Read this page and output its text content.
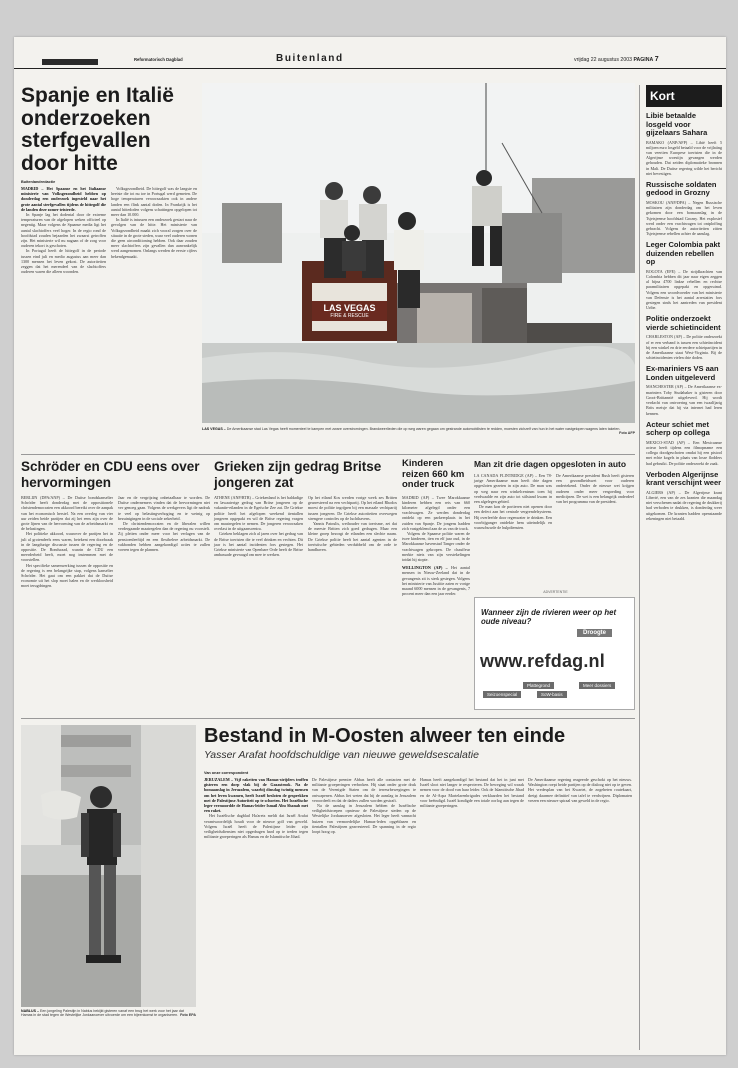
Reformatorisch Dagblad	Buitenland	vrijdag 22 augustus 2003 PAGINA 7
Spanje en Italië onderzoeken sterfgevallen door hitte
Buitenlandredactie

MADRID – Het Spaanse en het Italiaanse ministerie van Volksgezondheid hebben op donderdag een onderzoek ingesteld naar het grote aantal sterfgevallen tijdens de hittegolf die de landen deze zomer teisterde.

In Spanje lag het dodental door de extreme temperaturen van de afgelopen weken officieel op negentig. Maar volgens de Spaanse media ligt het aantal slachtoffers veel hoger. In de regio rond de hoofdstad zouden bejaarden het zwaarst getroffen zijn. Het ministerie wil nu nagaan of de zorg voor ouderen tekort is geschoten.

In Portugal heeft de hittegolf in de periode tussen eind juli en medio augustus aan meer dan 1300 mensen het leven gekost. De autoriteiten zeggen dat het merendeel van de slachtoffers ouderen waren die alleen woonden.

Volksgezondheid. De hittegolf was de langste en heetste die tot nu toe in Portugal werd gemeten. De hoge temperaturen veroorzaakten ook in andere landen een flink aantal doden. In Frankrijk is het aantal hittedoden volgens schattingen opgelopen tot meer dan 10.000.

In Italië is intussen een onderzoek gestart naar de gevolgen van de hitte. Het ministerie van Volksgezondheid maakt zich vooral zorgen over de situatie in de grote steden, waar veel ouderen wonen die geen airconditioning hebben. Ook daar zouden meer slachtoffers zijn gevallen dan aanvankelijk werd aangenomen. Onlangs werden de eerste cijfers bekendgemaakt.

LAS VEGAS
FIRE & RESCUE
LAS VEGAS – De Amerikaanse stad Las Vegas heeft momenteel te kampen met zware overstromingen. Brandweerlieden die op weg waren gegaan om gestrande automobilisten te redden, moesten zichzelf van hun in het water vastgelopen wagens laten takelen.
Foto AFP
Kort
Libië betaalde losgeld voor gijzelaars Sahara
BAMAKO (ANP/AFP) – Libië heeft 5 miljoen euro losgeld betaald voor de vrijlating van veertien Europese toeristen die in de Algerijnse woestijn gevangen werden gehouden. Dat zeiden diplomatieke bronnen in Mali. De Duitse regering wilde het bericht niet bevestigen.
Russische soldaten gedood in Grozny
MOSKOU (ANP/DPA) – Negen Russische militairen zijn donderdag om het leven gekomen door een bomaanslag in de Tsjetsjeense hoofdstad Grozny. Het explosief werd onder een vrachtwagen tot ontploffing gebracht. Volgens de autoriteiten zitten Tsjetsjeense rebellen achter de aanslag.
Leger Colombia pakt duizenden rebellen op
BOGOTA (EFE) – De strijdkrachten van Colombia hebben dit jaar naar eigen zeggen al bijna 4700 linkse rebellen en rechtse paramilitairen opgepakt en opgeruimd. Volgens een woordvoerder van het ministerie van Defensie is het aantal arrestaties fors gestegen sinds het aantreden van president Uribe.
Politie onderzoekt vierde schietincident
CHARLESTON (AP) – De politie onderzoekt of er een verband is tussen een schietincident bij een winkel en drie eerdere schietpartijen in de Amerikaanse staat West-Virginia. Bij de schietincidenten vielen drie doden.
Ex-mariniers VS aan Londen uitgeleverd
MANCHESTER (AP) – De Amerikaanse ex-mariniers Toby Studabaker is gisteren door Groot-Brittannië uitgeleverd. Hij wordt verdacht van ontvoering van een twaalfjarig Brits meisje dat hij via internet had leren kennen.
Acteur schiet met scherp op collega
MEXICO-STAD (AP) – Een Mexicaanse acteur heeft tijdens een filmopname een collega doodgeschoten omdat hij een pistool met echte kogels in plaats van losse flodders had gebruikt. De politie onderzoekt de zaak.
Verboden Algerijnse krant verschijnt weer
ALGIERS (AP) – De Algerijnse krant Liberté, een van de zes kranten die maandag niet verschenen nadat de regering de drukkerij had verboden te drukken, is donderdag weer uitgekomen. De kranten hadden openstaande rekeningen niet betaald.
Schröder en CDU eens over hervormingen

BERLIJN (DPA/ANP) – De Duitse bondskanselier Schröder heeft donderdag met de oppositionele christendemocraten een akkoord bereikt over de aanpak van het economisch herstel. Na een overleg van vier uur zeiden beide partijen dat zij het eens zijn over de grote lijnen van de hervorming van de arbeidsmarkt en de belastingen.

Het politieke akkoord, waarover de partijen het in juli al grotendeels eens waren, betekent een doorbraak in de langdurige discussie tussen de regering en de oppositie. De Bondsraad, waarin de CDU een meerderheid heeft, moet nog instemmen met de voorstellen.

Het specifieke samenwerking tussen de oppositie en de regering is een belangrijke stap, volgens kanselier Schröder. Het gaat om een pakket dat de Duitse economie uit het slop moet halen en de werkloosheid moet terugdringen.

Jaar en de vergrijzing onbetaalbaar te worden. De Duitse ondernemers vinden dat de hervormingen niet ver genoeg gaan. Volgens de werkgevers ligt de nadruk te veel op belastingverhoging en te weinig op bezuinigingen in de sociale zekerheid.

De christendemocraten en de liberalen willen verdergaande maatregelen dan de regering nu voorstelt. Zij pleiten onder meer voor het verlagen van de pensioenleeftijd en een flexibelere arbeidsmarkt. De vakbonden hebben aangekondigd acties te zullen voeren tegen de plannen.

Grieken zijn gedrag Britse jongeren zat

ATHENE (ANP/RTR) – Griekenland is het baldadige en lawaaierige gedrag van Britse jongeren op de vakantie-eilanden in de Egeïsche Zee zat. De Griekse politie heeft het afgelopen weekend tientallen jongeren opgepakt en wil de Britse regering vragen om maatregelen te nemen. De jongeren veroorzaken overlast in de uitgaanscentra.

Grieken beklagen zich al jaren over het gedrag van de Britse toeristen die te veel drinken en vechten. Dit jaar is het aantal incidenten fors gestegen. Het Griekse ministerie van Openbare Orde heeft de Britse ambassade gevraagd om mee te werken.

Op het eiland Kos werden vorige week zes Britten gearresteerd na een vechtpartij. Op het eiland Rhodos moest de politie ingrijpen bij een massale vechtpartij tussen jongeren. De Griekse autoriteiten overwegen strengere controles op de luchthavens.

Yannis Patoulis, wethouder van toerisme, zei dat de meeste Britten zich goed gedragen. Maar een kleine groep bezorgt de eilanden een slechte naam. De Griekse politie heeft het aantal agenten in de toeristische gebieden verdubbeld om de orde te handhaven.

Kinderen reizen 660 km onder truck

MADRID (AP) – Twee Marokkaanse kinderen hebben een reis van 660 kilometer afgelegd onder een vrachtwagen. Ze werden donderdag ontdekt op een parkeerplaats in het zuiden van Spanje. De jongens hadden zich vastgeklemd aan de as van de truck.

Volgens de Spaanse politie waren de twee kinderen, tien en elf jaar oud, in de Marokkaanse havenstad Tanger onder de vrachtwagen gekropen. De chauffeur merkte niets van zijn verstekelingen totdat hij stopte.

WELLINGTON (AP) – Het aantal mensen in Nieuw-Zeeland dat in de gevangenis zit is sterk gestegen. Volgens het ministerie van Justitie zaten er vorige maand 6000 mensen in de gevangenis, 7 procent meer dan een jaar eerder.

Man zit drie dagen opgesloten in auto

LA CANADA FLINTRIDGE (AP) – Een 78-jarige Amerikaanse man heeft drie dagen opgesloten gezeten in zijn auto. De man was op weg naar een winkelcentrum toen hij verdwaalde en zijn auto tot stilstand kwam in een afgelegen gebied.

De man kon de portieren niet openen door een defect aan het centrale vergrendelsysteem. Hij overleefde door regenwater te drinken. Een voorbijganger ontdekte hem uiteindelijk en waarschuwde de hulpdiensten.

De Amerikaanse president Bush heeft gisteren een gezondheidswet voor ouderen ondertekend. Onder de nieuwe wet krijgen ouderen onder meer vergoeding voor medicijnen. De wet is een belangrijk onderdeel van het programma van de president.

ADVERTENTIE
Wanneer zijn de rivieren weer op het oude niveau?
Droogte
www.refdag.nl
Plattegrond	Meer dossiers
Seizoenspecial	SoW-basis
NABLUS – Een jongeling Palestijn in Nablus bekijkt gisteren vanaf een brug het werk voor het jaar dat Hamas in de stad tegen de Westelijke Jordaanoever uitvoerde om een bijeenkomst te organiseren. Foto EPA
Bestand in M-Oosten alweer ten einde
Yasser Arafat hoofdschuldige van nieuwe geweldsescalatie
Van onze correspondent

JERUZALEM – Vijf raketten van Hamas-strijders troffen gisteren een dorp vlak bij de Gazastrook. Na de bomaanslag in Jeruzalem, waarbij dinsdag twintig mensen om het leven kwamen, heeft Israël besloten de gesprekken met de Palestijnse Autoriteit op te schorten. Het Israëlische leger vermoordde de Hamas-leider Ismail Abu Shanab met een raket.

Het Israëlische dagblad Ha'aretz meldt dat Israël Arafat verantwoordelijk houdt voor de nieuwe golf van geweld. Volgens Israël heeft de Palestijnse leider zijn veiligheidsdiensten niet opgedragen hard op te treden tegen militante groeperingen als Hamas en de Islamitische Jihad.

De Palestijnse premier Abbas heeft alle contacten met de militante groeperingen verbroken. Hij staat onder grote druk van de Verenigde Staten om de terreurbewegingen te ontwapenen. Abbas liet weten dat hij de aanslag in Jeruzalem veroordeelt en dat de daders zullen worden gestraft.

Na de aanslag in Jeruzalem hebben de Israëlische veiligheidstroepen opnieuw de Palestijnse steden op de Westelijke Jordaanoever afgesloten. Het leger heeft vannacht huizen van vermoedelijke Hamas-leden opgeblazen en tientallen Palestijnen gearresteerd. De spanning in de regio loopt hoog op.

Hamas heeft aangekondigd het bestand dat het in juni met Israël sloot niet langer te respecteren. De beweging wil wraak nemen voor de dood van haar leider. Ook de Islamitische Jihad en de Al-Aqsa Martelarenbrigades verklaarden het bestand voor beëindigd. Israël kondigde een totale oorlog aan tegen de militante groeperingen.

De Amerikaanse regering reageerde geschokt op het nieuws. Washington roept beide partijen op de dialoog niet op te geven. Het vredesplan van het Kwartet, de zogeheten routekaart, dreigt daarmee definitief van tafel te verdwijnen. Diplomaten vrezen een nieuwe spiraal van geweld in de regio.
